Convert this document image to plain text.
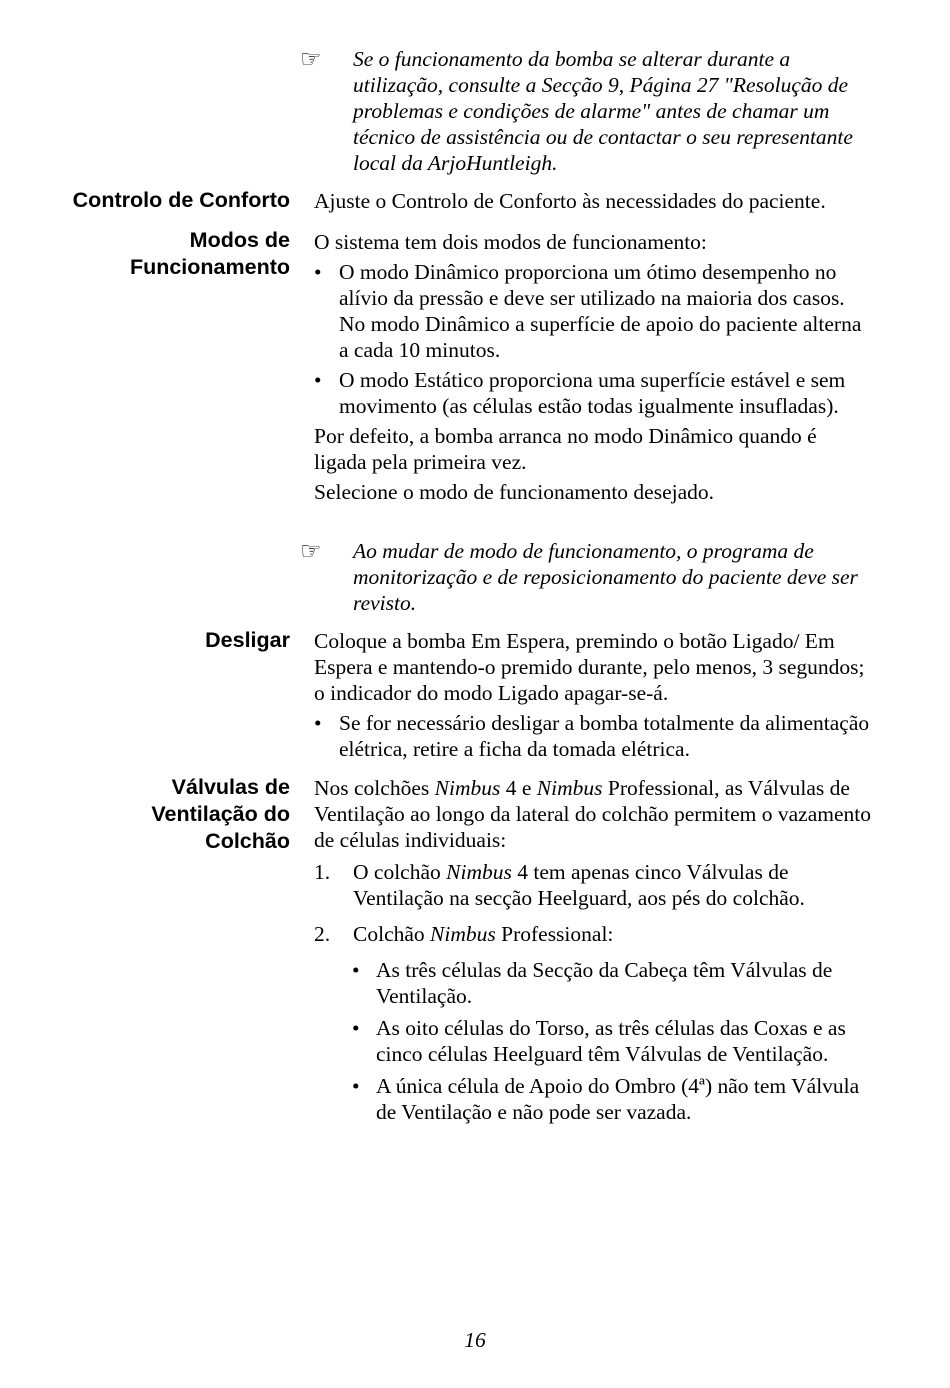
☞ Se o funcionamento da bomba se alterar durante a utilização, consulte a Secção 9, Página 27 "Resolução de problemas e condições de alarme" antes de chamar um técnico de assistência ou de contactar o seu representante local da ArjoHuntleigh.

Controlo de Conforto Ajuste o Controlo de Conforto às necessidades do paciente.

Modos de
Funcionamento

O sistema tem dois modos de funcionamento:

• O modo Dinâmico proporciona um ótimo desempenho no alívio da pressão e deve ser utilizado na maioria dos casos. No modo Dinâmico a superfície de apoio do paciente alterna a cada 10 minutos.
• O modo Estático proporciona uma superfície estável e sem movimento (as células estão todas igualmente insufladas).

Por defeito, a bomba arranca no modo Dinâmico quando é ligada pela primeira vez.

Selecione o modo de funcionamento desejado.

☞ Ao mudar de modo de funcionamento, o programa de monitorização e de reposicionamento do paciente deve ser revisto.

Desligar Coloque a bomba Em Espera, premindo o botão Ligado/ Em Espera e mantendo-o premido durante, pelo menos, 3 segundos; o indicador do modo Ligado apagar-se-á.

• Se for necessário desligar a bomba totalmente da alimentação elétrica, retire a ficha da tomada elétrica.
Válvulas de
Ventilação do
Colchão

Nos colchões Nimbus 4 e Nimbus Professional, as Válvulas de Ventilação ao longo da lateral do colchão permitem o vazamento de células individuais:

1. O colchão Nimbus 4 tem apenas cinco Válvulas de Ventilação na secção Heelguard, aos pés do colchão.
2. Colchão Nimbus Professional:
• As três células da Secção da Cabeça têm Válvulas de Ventilação.
• As oito células do Torso, as três células das Coxas e as cinco células Heelguard têm Válvulas de Ventilação.
• A única célula de Apoio do Ombro (4ª) não tem Válvula de Ventilação e não pode ser vazada.
16
